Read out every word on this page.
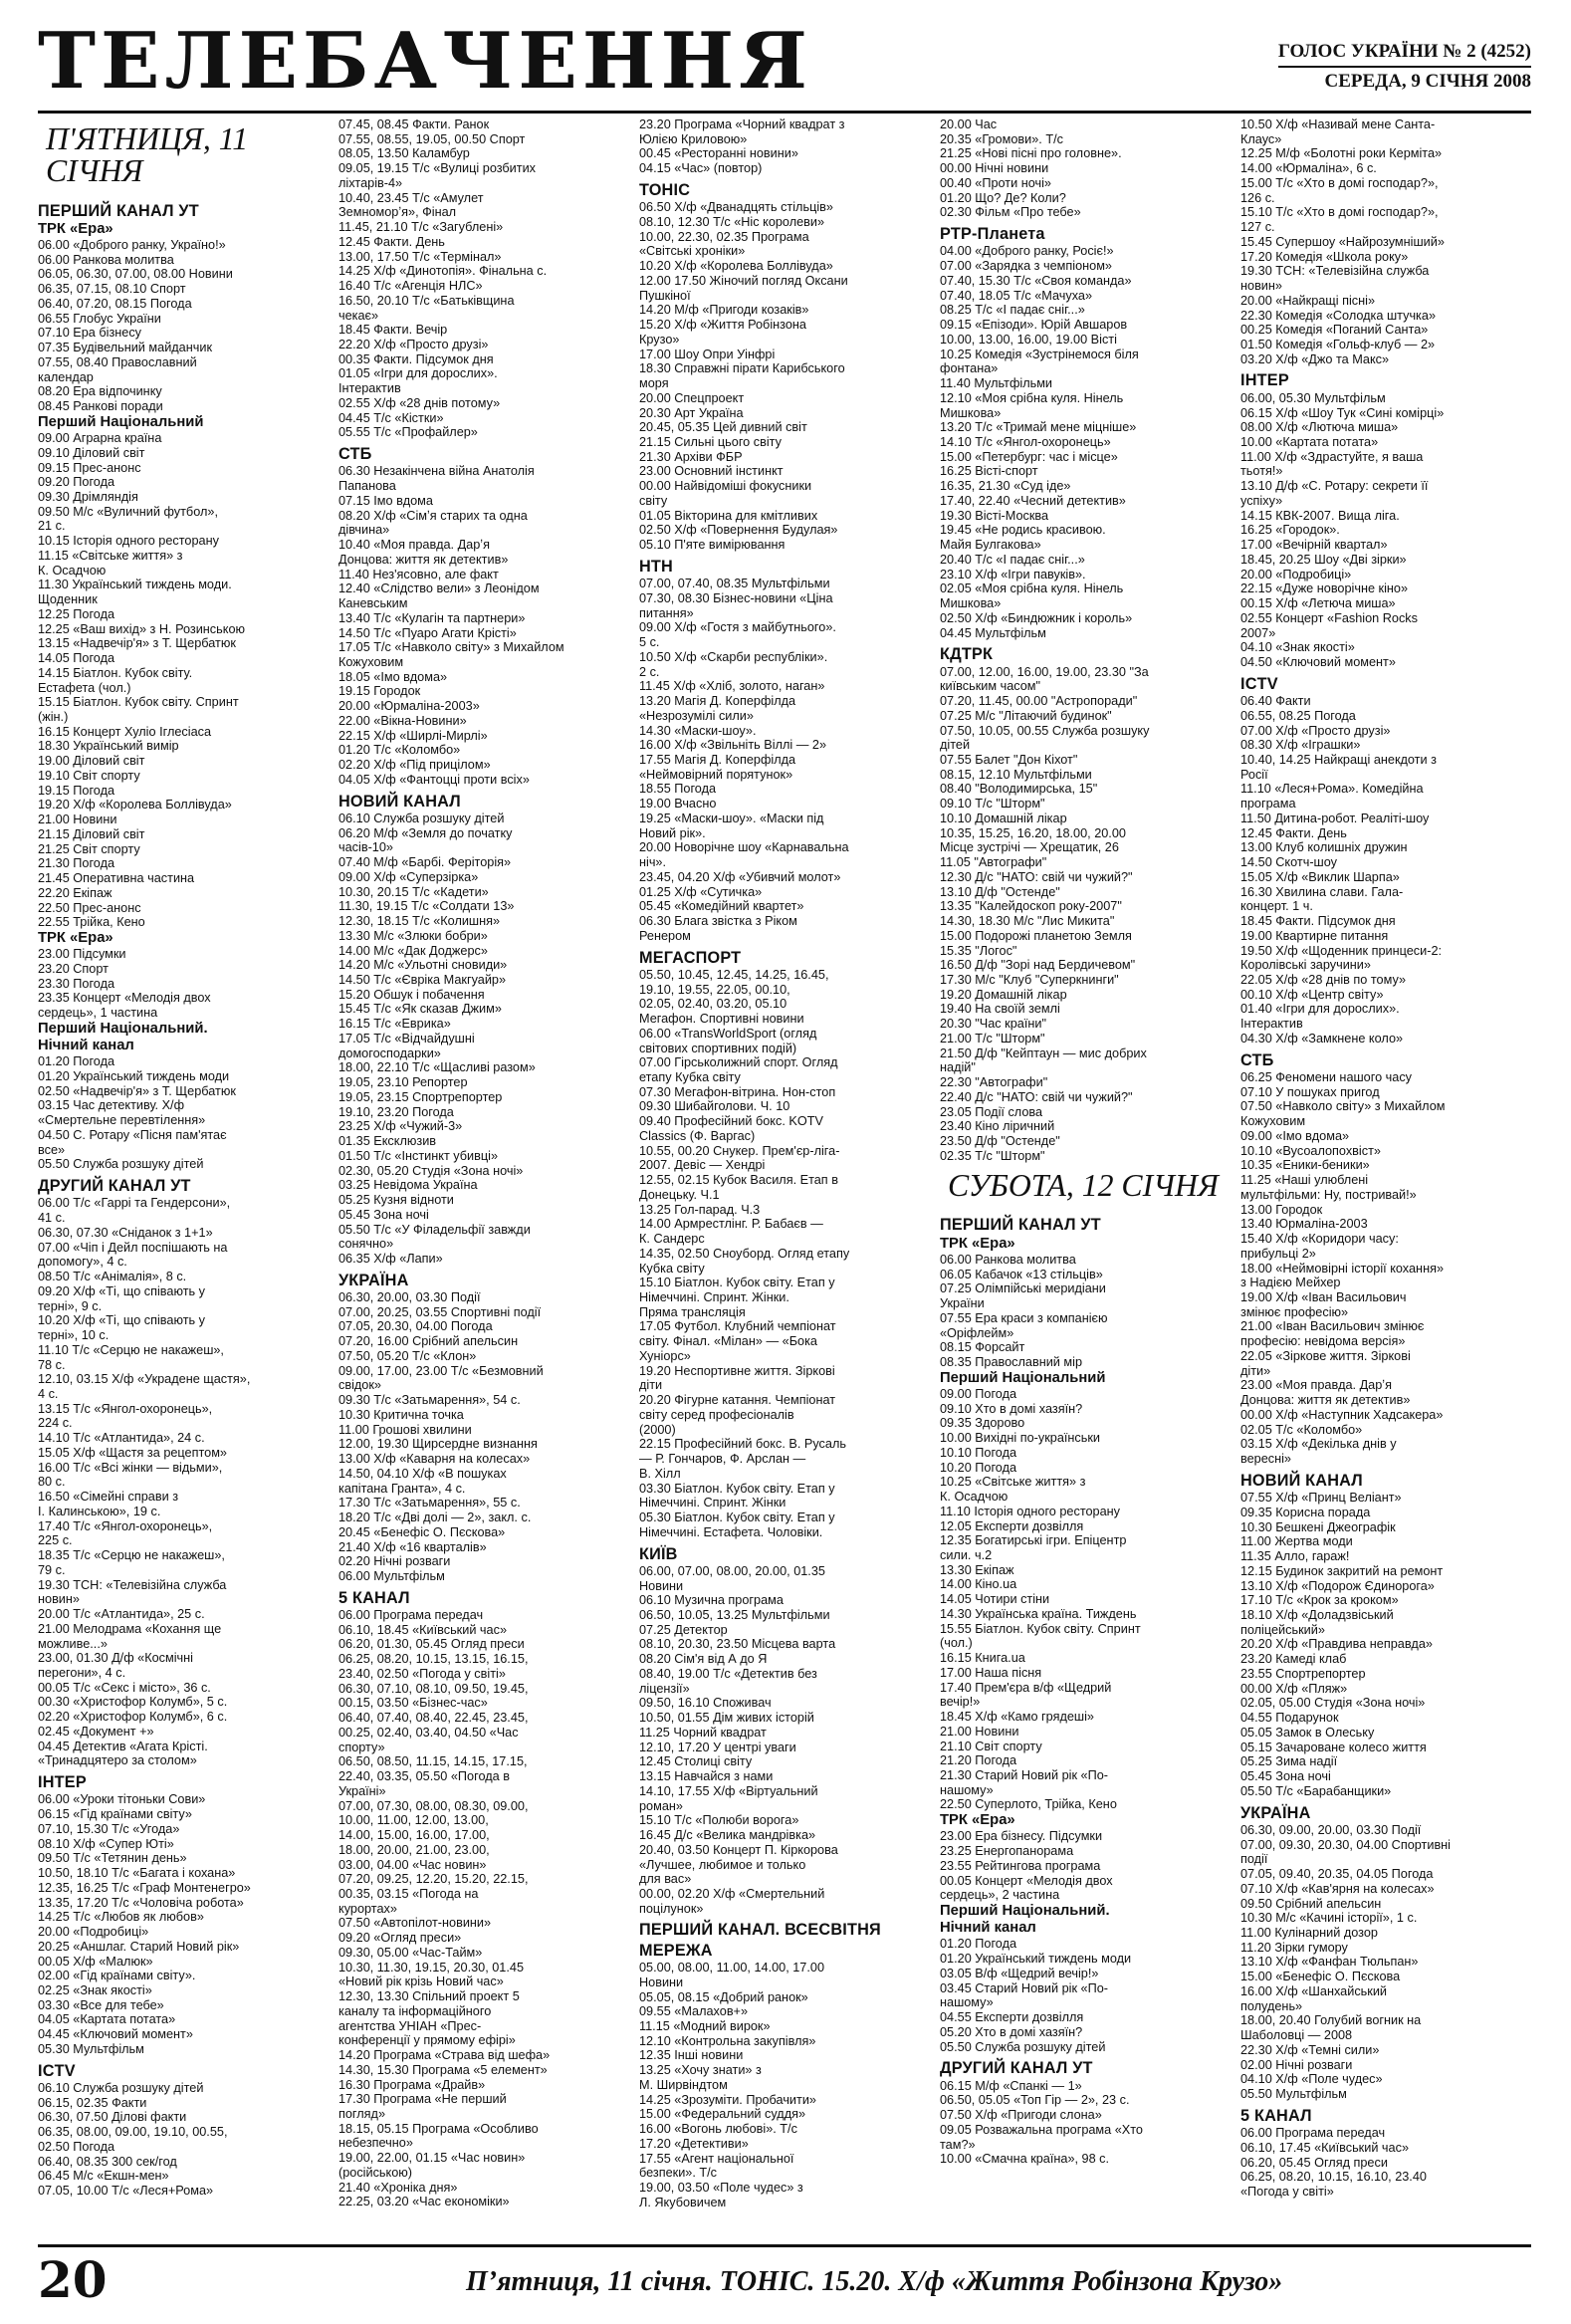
ТЕЛЕБАЧЕННЯ	ГОЛОС УКРАЇНИ № 2 (4252)
СЕРЕДА, 9 СІЧНЯ 2008
П'ЯТНИЦЯ, 11 СІЧНЯ
ПЕРШИЙ КАНАЛ УТ
ТРК «Ера»
06.00 «Доброго ранку, Україно!»
06.00 Ранкова молитва
06.05, 06.30, 07.00, 08.00 Новини
06.35, 07.15, 08.10 Спорт
06.40, 07.20, 08.15 Погода
06.55 Глобус України
07.10 Ера бізнесу
07.35 Будівельний майданчик
07.55, 08.40 Православний
календар
08.20 Ера відпочинку
08.45 Ранкові поради
Перший Національний
09.00 Аграрна країна
09.10 Діловий світ
09.15 Прес-анонс
09.20 Погода
09.30 Дрімляндія
09.50 М/с «Вуличний футбол»,
21 с.
10.15 Історія одного ресторану
11.15 «Світське життя» з
К. Осадчою
11.30 Український тиждень моди.
Щоденник
12.25 Погода
12.25 «Ваш вихід» з Н. Розинською
13.15 «Надвечір'я» з Т. Щербатюк
14.05 Погода
14.15 Біатлон. Кубок світу.
Естафета (чол.)
15.15 Біатлон. Кубок світу. Спринт
(жін.)
16.15 Концерт Хуліо Іглесіаса
18.30 Український вимір
19.00 Діловий світ
19.10 Світ спорту
19.15 Погода
19.20 Х/ф «Королева Боллівуда»
21.00 Новини
21.15 Діловий світ
21.25 Світ спорту
21.30 Погода
21.45 Оперативна частина
22.20 Екіпаж
22.50 Прес-анонс
22.55 Трійка, Кено
ТРК «Ера»
23.00 Підсумки
23.20 Спорт
23.30 Погода
23.35 Концерт «Мелодія двох
сердець», 1 частина
Перший Національний.
Нічний канал
01.20 Погода
01.20 Український тиждень моди
02.50 «Надвечір'я» з Т. Щербатюк
03.15 Час детективу. Х/ф
«Смертельне перевтілення»
04.50 С. Ротару «Пісня пам'ятає
все»
05.50 Служба розшуку дітей
ДРУГИЙ КАНАЛ УТ
06.00 Т/с «Гаррі та Гендерсони»,
41 с.
06.30, 07.30 «Сніданок з 1+1»
07.00 «Чіп і Дейл поспішають на
допомогу», 4 с.
08.50 Т/с «Анімалія», 8 с.
09.20 Х/ф «Ті, що співають у
терні», 9 с.
10.20 Х/ф «Ті, що співають у
терні», 10 с.
11.10 Т/с «Серцю не накажеш»,
78 с.
12.10, 03.15 Х/ф «Украдене щастя»,
4 с.
13.15 Т/с «Янгол-охоронець»,
224 с.
14.10 Т/с «Атлантида», 24 с.
15.05 Х/ф «Щастя за рецептом»
16.00 Т/с «Всі жінки — відьми»,
80 с.
16.50 «Сімейні справи з
І. Калинською», 19 с.
17.40 Т/с «Янгол-охоронець»,
225 с.
18.35 Т/с «Серцю не накажеш»,
79 с.
19.30 ТСН: «Телевізійна служба
новин»
20.00 Т/с «Атлантида», 25 с.
21.00 Мелодрама «Кохання ще
можливе...»
23.00, 01.30 Д/ф «Космічні
перегони», 4 с.
00.05 Т/с «Секс і місто», 36 с.
00.30 «Христофор Колумб», 5 с.
02.20 «Христофор Колумб», 6 с.
02.45 «Документ +»
04.45 Детектив «Агата Крісті.
«Тринадцятеро за столом»
ІНТЕР
06.00 «Уроки тітоньки Сови»
06.15 «Гід країнами світу»
07.10, 15.30 Т/с «Угода»
08.10 Х/ф «Супер Юті»
09.50 Т/с «Тетянин день»
10.50, 18.10 Т/с «Багата і кохана»
12.35, 16.25 Т/с «Граф Монтенегро»
13.35, 17.20 Т/с «Чоловіча робота»
14.25 Т/с «Любов як любов»
20.00 «Подробиці»
20.25 «Аншлаг. Старий Новий рік»
00.05 Х/ф «Малюк»
02.00 «Гід країнами світу».
02.25 «Знак якості»
03.30 «Все для тебе»
04.05 «Картата потата»
04.45 «Ключовий момент»
05.30 Мультфільм
ICTV
06.10 Служба розшуку дітей
06.15, 02.35 Факти
06.30, 07.50 Ділові факти
06.35, 08.00, 09.00, 19.10, 00.55,
02.50 Погода
06.40, 08.35 300 сек/год
06.45 М/с «Екшн-мен»
07.05, 10.00 Т/с «Леся+Рома»
07.45, 08.45 Факти. Ранок
07.55, 08.55, 19.05, 00.50 Спорт
08.05, 13.50 Каламбур
09.05, 19.15 Т/с «Вулиці розбитих
ліхтарів-4»
10.40, 23.45 Т/с «Амулет
Земноморʼя», Фінал
11.45, 21.10 Т/с «Загублені»
12.45 Факти. День
13.00, 17.50 Т/с «Термінал»
14.25 Х/ф «Динотопія». Фінальна с.
16.40 Т/с «Агенція НЛС»
16.50, 20.10 Т/с «Батьківщина
чекає»
18.45 Факти. Вечір
22.20 Х/ф «Просто друзі»
00.35 Факти. Підсумок дня
01.05 «Ігри для дорослих».
Інтерактив
02.55 Х/ф «28 днів потому»
04.45 Т/с «Кістки»
05.55 Т/с «Профайлер»
СТБ
06.30 Незакінчена війна Анатолія
Папанова
07.15 Імо вдома
08.20 Х/ф «Сімʼя старих та одна
дівчина»
10.40 «Моя правда. Дарʼя
Донцова: життя як детектив»
11.40 Нез'ясовно, але факт
12.40 «Слідство вели» з Леонідом
Каневським
13.40 Т/с «Кулагін та партнери»
14.50 Т/с «Пуаро Агати Крісті»
17.05 Т/с «Навколо світу» з Михайлом
Кожуховим
18.05 «Імо вдома»
19.15 Городок
20.00 «Юрмаліна-2003»
22.00 «Вікна-Новини»
22.15 Х/ф «Ширлі-Мирлі»
01.20 Т/с «Коломбо»
02.20 Х/ф «Під прицілом»
04.05 Х/ф «Фантоцці проти всіх»
НОВИЙ КАНАЛ
06.10 Служба розшуку дітей
06.20 М/ф «Земля до початку
часів-10»
07.40 М/ф «Барбі. Феріторія»
09.00 Х/ф «Суперзірка»
10.30, 20.15 Т/с «Кадети»
11.30, 19.15 Т/с «Солдати 13»
12.30, 18.15 Т/с «Колишня»
13.30 М/с «Злюки бобри»
14.00 М/с «Дак Доджерс»
14.20 М/с «Ульотні сновиди»
14.50 Т/с «Євріка Макгуайр»
15.20 Обшук і побачення
15.45 Т/с «Як сказав Джим»
16.15 Т/с «Еврика»
17.05 Т/с «Відчайдушні
домогосподарки»
18.00, 22.10 Т/с «Щасливі разом»
19.05, 23.10 Репортер
19.05, 23.15 Спортрепортер
19.10, 23.20 Погода
23.25 Х/ф «Чужий-3»
01.35 Ексклюзив
01.50 Т/с «Інстинкт убивці»
02.30, 05.20 Студія «Зона ночі»
03.25 Невідома Україна
05.25 Кузня відноти
05.45 Зона ночі
05.50 Т/с «У Філадельфії завжди
сонячно»
06.35 Х/ф «Лапи»
УКРАЇНА
06.30, 20.00, 03.30 Події
07.00, 20.25, 03.55 Спортивні події
07.05, 20.30, 04.00 Погода
07.20, 16.00 Срібний апельсин
07.50, 05.20 Т/с «Клон»
09.00, 17.00, 23.00 Т/с «Безмовний
свідок»
09.30 Т/с «Затьмарення», 54 с.
10.30 Критична точка
11.00 Грошові хвилини
12.00, 19.30 Щирсердне визнання
13.00 Х/ф «Каварня на колесах»
14.50, 04.10 Х/ф «В пошуках
капітана Гранта», 4 с.
17.30 Т/с «Затьмарення», 55 с.
18.20 Т/с «Дві долі — 2», закл. с.
20.45 «Бенефіс О. Пєскова»
21.40 Х/ф «16 кварталів»
02.20 Нічні розваги
06.00 Мультфільм
5 КАНАЛ
06.00 Програма передач
06.10, 18.45 «Київський час»
06.20, 01.30, 05.45 Огляд преси
06.25, 08.20, 10.15, 13.15, 16.15,
23.40, 02.50 «Погода у світі»
06.30, 07.10, 08.10, 09.50, 19.45,
00.15, 03.50 «Бізнес-час»
06.40, 07.40, 08.40, 22.45, 23.45,
00.25, 02.40, 03.40, 04.50 «Час
спорту»
06.50, 08.50, 11.15, 14.15, 17.15,
22.40, 03.35, 05.50 «Погода в
Україні»
07.00, 07.30, 08.00, 08.30, 09.00,
10.00, 11.00, 12.00, 13.00,
14.00, 15.00, 16.00, 17.00,
18.00, 20.00, 21.00, 23.00,
03.00, 04.00 «Час новин»
07.20, 09.25, 12.20, 15.20, 22.15,
00.35, 03.15 «Погода на
курортах»
07.50 «Автопілот-новини»
09.20 «Огляд преси»
09.30, 05.00 «Час-Тайм»
10.30, 11.30, 19.15, 20.30, 01.45
«Новий рік крізь Новий час»
12.30, 13.30 Спільний проект 5
каналу та інформаційного
агентства УНІАН «Прес-
конференції у прямому ефірі»
14.20 Програма «Страва від шефа»
14.30, 15.30 Програма «5 елемент»
16.30 Програма «Драйв»
17.30 Програма «Не перший
погляд»
18.15, 05.15 Програма «Особливо
небезпечно»
19.00, 22.00, 01.15 «Час новин»
(російською)
21.40 «Хроніка дня»
22.25, 03.20 «Час економіки»
23.20 Програма «Чорний квадрат з
Юлією Криловою»
00.45 «Ресторанні новини»
04.15 «Час» (повтор)
ТОНІС
06.50 Х/ф «Дванадцять стільців»
08.10, 12.30 Т/с «Ніс королеви»
10.00, 22.30, 02.35 Програма
«Світські хроніки»
10.20 Х/ф «Королева Боллівуда»
12.00 17.50 Жіночий погляд Оксани
Пушкіної
14.20 М/ф «Пригоди козаків»
15.20 Х/ф «Життя Робінзона
Крузо»
17.00 Шоу Опри Уінфрі
18.30 Справжні пірати Карибського
моря
20.00 Спецпроект
20.30 Арт Україна
20.45, 05.35 Цей дивний світ
21.15 Сильні цього світу
21.30 Архіви ФБР
23.00 Основний інстинкт
00.00 Найвідоміші фокусники
світу
01.05 Вікторина для кмітливих
02.50 Х/ф «Повернення Будулая»
05.10 П'яте вимірювання
НТН
07.00, 07.40, 08.35 Мультфільми
07.30, 08.30 Бізнес-новини «Ціна
питання»
09.00 Х/ф «Гостя з майбутнього».
5 с.
10.50 Х/ф «Скарби республіки».
2 с.
11.45 Х/ф «Хліб, золото, наган»
13.20 Магія Д. Коперфілда
«Незрозумілі сили»
14.30 «Маски-шоу».
16.00 Х/ф «Звільніть Віллі — 2»
17.55 Магія Д. Коперфілда
«Неймовірний порятунок»
18.55 Погода
19.00 Вчасно
19.25 «Маски-шоу». «Маски під
Новий рік».
20.00 Новорічне шоу «Карнавальна
ніч».
23.45, 04.20 Х/ф «Убивчий молот»
01.25 Х/ф «Сутичка»
05.45 «Комедійний квартет»
06.30 Блага звістка з Ріком
Ренером
МЕГАСПОРТ
05.50, 10.45, 12.45, 14.25, 16.45,
19.10, 19.55, 22.05, 00.10,
02.05, 02.40, 03.20, 05.10
Мегафон. Спортивні новини
06.00 «TransWorldSport (огляд
світових спортивних подій)
07.00 Гірськолижний спорт. Огляд
етапу Кубка світу
07.30 Мегафон-вітрина. Нон-стоп
09.30 Шибайголови. Ч. 10
09.40 Професійний бокс. KOTV
Classics (Ф. Варгас)
10.55, 00.20 Снукер. Прем'єр-ліга-
2007. Девіс — Хендрі
12.55, 02.15 Кубок Василя. Етап в
Донецьку. Ч.1
13.25 Гол-парад. Ч.3
14.00 Армрестлінг. Р. Бабаєв —
К. Сандерс
14.35, 02.50 Сноуборд. Огляд етапу
Кубка світу
15.10 Біатлон. Кубок світу. Етап у
Німеччині. Спринт. Жінки.
Пряма трансляція
17.05 Футбол. Клубний чемпіонат
світу. Фінал. «Мілан» — «Бока
Хуніорс»
19.20 Неспортивне життя. Зіркові
діти
20.20 Фігурне катання. Чемпіонат
світу серед професіоналів
(2000)
22.15 Професійний бокс. В. Русаль
— Р. Гончаров, Ф. Арслан —
В. Хілл
03.30 Біатлон. Кубок світу. Етап у
Німеччині. Спринт. Жінки
05.30 Біатлон. Кубок світу. Етап у
Німеччині. Естафета. Чоловіки.
КИЇВ
06.00, 07.00, 08.00, 20.00, 01.35
Новини
06.10 Музична програма
06.50, 10.05, 13.25 Мультфільми
07.25 Детектор
08.10, 20.30, 23.50 Місцева варта
08.20 Сім'я від А до Я
08.40, 19.00 Т/с «Детектив без
ліцензії»
09.50, 16.10 Споживач
10.50, 01.55 Дім живих історій
11.25 Чорний квадрат
12.10, 17.20 У центрі уваги
12.45 Столиці світу
13.15 Навчайся з нами
14.10, 17.55 Х/ф «Віртуальний
роман»
15.10 Т/с «Полюби ворога»
16.45 Д/с «Велика мандрівка»
20.40, 03.50 Концерт П. Кіркорова
«Лучшее, любимое и только
для вас»
00.00, 02.20 Х/ф «Смертельний
поцілунок»
ПЕРШИЙ КАНАЛ. ВСЕСВІТНЯ МЕРЕЖА
05.00, 08.00, 11.00, 14.00, 17.00
Новини
05.05, 08.15 «Добрий ранок»
09.55 «Малахов+»
11.15 «Модний вирок»
12.10 «Контрольна закупівля»
12.35 Інші новини
13.25 «Хочу знати» з
М. Ширвіндтом
14.25 «Зрозуміти. Пробачити»
15.00 «Федеральний суддя»
16.00 «Вогонь любові». Т/с
17.20 «Детективи»
17.55 «Агент національної
безпеки». Т/с
19.00, 03.50 «Поле чудес» з
Л. Якубовичем
20.00 Час
20.35 «Громови». Т/с
21.25 «Нові пісні про головне».
00.00 Нічні новини
00.40 «Проти ночі»
01.20 Що? Де? Коли?
02.30 Фільм «Про тебе»
РТР-Планета
04.00 «Доброго ранку, Росіє!»
07.00 «Зарядка з чемпіоном»
07.40, 15.30 Т/с «Своя команда»
07.40, 18.05 Т/с «Мачуха»
08.25 Т/с «І падає сніг...»
09.15 «Епізоди». Юрій Авшаров
10.00, 13.00, 16.00, 19.00 Вісті
10.25 Комедія «Зустрінемося біля
фонтана»
11.40 Мультфільми
12.10 «Моя срібна куля. Нінель
Мишкова»
13.20 Т/с «Тримай мене міцніше»
14.10 Т/с «Янгол-охоронець»
15.00 «Петербург: час і місце»
16.25 Вісті-спорт
16.35, 21.30 «Суд іде»
17.40, 22.40 «Чесний детектив»
19.30 Вісті-Москва
19.45 «Не родись красивою.
Майя Булгакова»
20.40 Т/с «І падає сніг...»
23.10 Х/ф «Ігри павуків».
02.05 «Моя срібна куля. Нінель
Мишкова»
02.50 Х/ф «Биндюжник і король»
04.45 Мультфільм
КДТРК
07.00, 12.00, 16.00, 19.00, 23.30 "За
київським часом"
07.20, 11.45, 00.00 "Астропоради"
07.25 М/с "Літаючий будинок"
07.50, 10.05, 00.55 Служба розшуку
дітей
07.55 Балет "Дон Кіхот"
08.15, 12.10 Мультфільми
08.40 "Володимирська, 15"
09.10 Т/с "Шторм"
10.10 Домашній лікар
10.35, 15.25, 16.20, 18.00, 20.00
Місце зустрічі — Хрещатик, 26
11.05 "Автографи"
12.30 Д/с "НАТО: свій чи чужий?"
13.10 Д/ф "Остенде"
13.35 "Калейдоскоп року-2007"
14.30, 18.30 М/с "Лис Микита"
15.00 Подорожі планетою Земля
15.35 "Логос"
16.50 Д/ф "Зорі над Бердичевом"
17.30 М/с "Клуб "Суперкнинги"
19.20 Домашній лікар
19.40 На своїй землі
20.30 "Час країни"
21.00 Т/с "Шторм"
21.50 Д/ф "Кейптаун — мис добрих
надій"
22.30 "Автографи"
22.40 Д/с "НАТО: свій чи чужий?"
23.05 Події слова
23.40 Кіно ліричний
23.50 Д/ф "Остенде"
02.35 Т/с "Шторм"
СУБОТА, 12 СІЧНЯ
ПЕРШИЙ КАНАЛ УТ
ТРК «Ера»
06.00 Ранкова молитва
06.05 Кабачок «13 стільців»
07.25 Олімпійські меридіани
України
07.55 Ера краси з компанією
«Оріфлейм»
08.15 Форсайт
08.35 Православний мір
Перший Національний
09.00 Погода
09.10 Хто в домі хазяїн?
09.35 Здорово
10.00 Вихідні по-українськи
10.10 Погода
10.20 Погода
10.25 «Світське життя» з
К. Осадчою
11.10 Історія одного ресторану
12.05 Експерти дозвілля
12.35 Богатирські ігри. Епіцентр
сили. ч.2
13.30 Екіпаж
14.00 Кіно.ua
14.05 Чотири стіни
14.30 Українська країна. Тиждень
15.55 Біатлон. Кубок світу. Спринт
(чол.)
16.15 Книга.ua
17.00 Наша пісня
17.40 Прем'єра в/ф «Щедрий
вечір!»
18.45 Х/ф «Камо грядеші»
21.00 Новини
21.10 Світ спорту
21.20 Погода
21.30 Старий Новий рік «По-
нашому»
22.50 Суперлото, Трійка, Кено
ТРК «Ера»
23.00 Ера бізнесу. Підсумки
23.25 Енергопанорама
23.55 Рейтингова програма
00.05 Концерт «Мелодія двох
сердець», 2 частина
Перший Національний.
Нічний канал
01.20 Погода
01.20 Український тиждень моди
03.05 В/ф «Щедрий вечір!»
03.45 Старий Новий рік «По-
нашому»
04.55 Експерти дозвілля
05.20 Хто в домі хазяїн?
05.50 Служба розшуку дітей
ДРУГИЙ КАНАЛ УТ
06.15 М/ф «Спанкі — 1»
06.50, 05.05 «Топ Гір — 2», 23 с.
07.50 Х/ф «Пригоди слона»
09.05 Розважальна програма «Хто
там?»
10.00 «Смачна країна», 98 с.
10.50 Х/ф «Називай мене Санта-
Клаус»
12.25 М/ф «Болотні роки Керміта»
14.00 «Юрмаліна», 6 с.
15.00 Т/с «Хто в домі господар?»,
126 с.
15.10 Т/с «Хто в домі господар?»,
127 с.
15.45 Супершоу «Найрозумніший»
17.20 Комедія «Школа року»
19.30 ТСН: «Телевізійна служба
новин»
20.00 «Найкращі пісні»
22.30 Комедія «Солодка штучка»
00.25 Комедія «Поганий Санта»
01.50 Комедія «Гольф-клуб — 2»
03.20 Х/ф «Джо та Макс»
ІНТЕР
06.00, 05.30 Мультфільм
06.15 Х/ф «Шоу Тук «Сині комірці»
08.00 Х/ф «Лютюча миша»
10.00 «Картата потата»
11.00 Х/ф «Здрастуйте, я ваша
тьотя!»
13.10 Д/ф «С. Ротару: секрети її
успіху»
14.15 КВК-2007. Вища ліга.
16.25 «Городок».
17.00 «Вечірній квартал»
18.45, 20.25 Шоу «Дві зірки»
20.00 «Подробиці»
22.15 «Дуже новорічне кіно»
00.15 Х/ф «Летюча миша»
02.55 Концерт «Fashion Rocks
2007»
04.10 «Знак якості»
04.50 «Ключовий момент»
ICTV
06.40 Факти
06.55, 08.25 Погода
07.00 Х/ф «Просто друзі»
08.30 Х/ф «Іграшки»
10.40, 14.25 Найкращі анекдоти з
Росії
11.10 «Леся+Рома». Комедійна
програма
11.50 Дитина-робот. Реаліті-шоу
12.45 Факти. День
13.00 Клуб колишніх дружин
14.50 Скотч-шоу
15.05 Х/ф «Виклик Шарпа»
16.30 Хвилина слави. Гала-
концерт. 1 ч.
18.45 Факти. Підсумок дня
19.00 Квартирне питання
19.50 Х/ф «Щоденник принцеси-2:
Королівські заручини»
22.05 Х/ф «28 днів по тому»
00.10 Х/ф «Центр світу»
01.40 «Ігри для дорослих».
Інтерактив
04.30 Х/ф «Замкнене коло»
СТБ
06.25 Феномени нашого часу
07.10 У пошуках пригод
07.50 «Навколо світу» з Михайлом
Кожуховим
09.00 «Імо вдома»
10.10 «Вусоалопохвіст»
10.35 «Еники-беники»
11.25 «Наші улюблені
мультфільми: Ну, постривай!»
13.00 Городок
13.40 Юрмаліна-2003
15.40 Х/ф «Коридори часу:
прибульці 2»
18.00 «Неймовірні історії кохання»
з Надією Мейхер
19.00 Х/ф «Іван Васильович
змінює професію»
21.00 «Іван Васильович змінює
професію: невідома версія»
22.05 «Зіркове життя. Зіркові
діти»
23.00 «Моя правда. Дарʼя
Донцова: життя як детектив»
00.00 Х/ф «Наступник Хадсакера»
02.05 Т/с «Коломбо»
03.15 Х/ф «Декілька днів у
вересні»
НОВИЙ КАНАЛ
07.55 Х/ф «Принц Веліант»
09.35 Корисна порада
10.30 Бешкені Джеографік
11.00 Жертва моди
11.35 Алло, гараж!
12.15 Будинок закритий на ремонт
13.10 Х/ф «Подорож Єдинорога»
17.10 Т/с «Крок за кроком»
18.10 Х/ф «Доладзвіський
поліцейський»
20.20 Х/ф «Правдива неправда»
23.20 Камеді клаб
23.55 Спортрепортер
00.00 Х/ф «Пляж»
02.05, 05.00 Студія «Зона ночі»
04.55 Подарунок
05.05 Замок в Олеську
05.15 Зачароване колесо життя
05.25 Зима надії
05.45 Зона ночі
05.50 Т/с «Барабанщики»
УКРАЇНА
06.30, 09.00, 20.00, 03.30 Події
07.00, 09.30, 20.30, 04.00 Спортивні
події
07.05, 09.40, 20.35, 04.05 Погода
07.10 Х/ф «Кав'ярня на колесах»
09.50 Срібний апельсин
10.30 М/с «Качині історії», 1 с.
11.00 Кулінарний дозор
11.20 Зірки гумору
13.10 Х/ф «Фанфан Тюльпан»
15.00 «Бенефіс О. Пєскова
16.00 Х/ф «Шанхайський
полудень»
18.00, 20.40 Голубий вогник на
Шаболовці — 2008
22.30 Х/ф «Темні сили»
02.00 Нічні розваги
04.10 Х/ф «Поле чудес»
05.50 Мультфільм
5 КАНАЛ
06.00 Програма передач
06.10, 17.45 «Київський час»
06.20, 05.45 Огляд преси
06.25, 08.20, 10.15, 16.10, 23.40
«Погода у світі»
20	П’ятниця, 11 січня. ТОНІС. 15.20. Х/ф «Життя Робінзона Крузо»
